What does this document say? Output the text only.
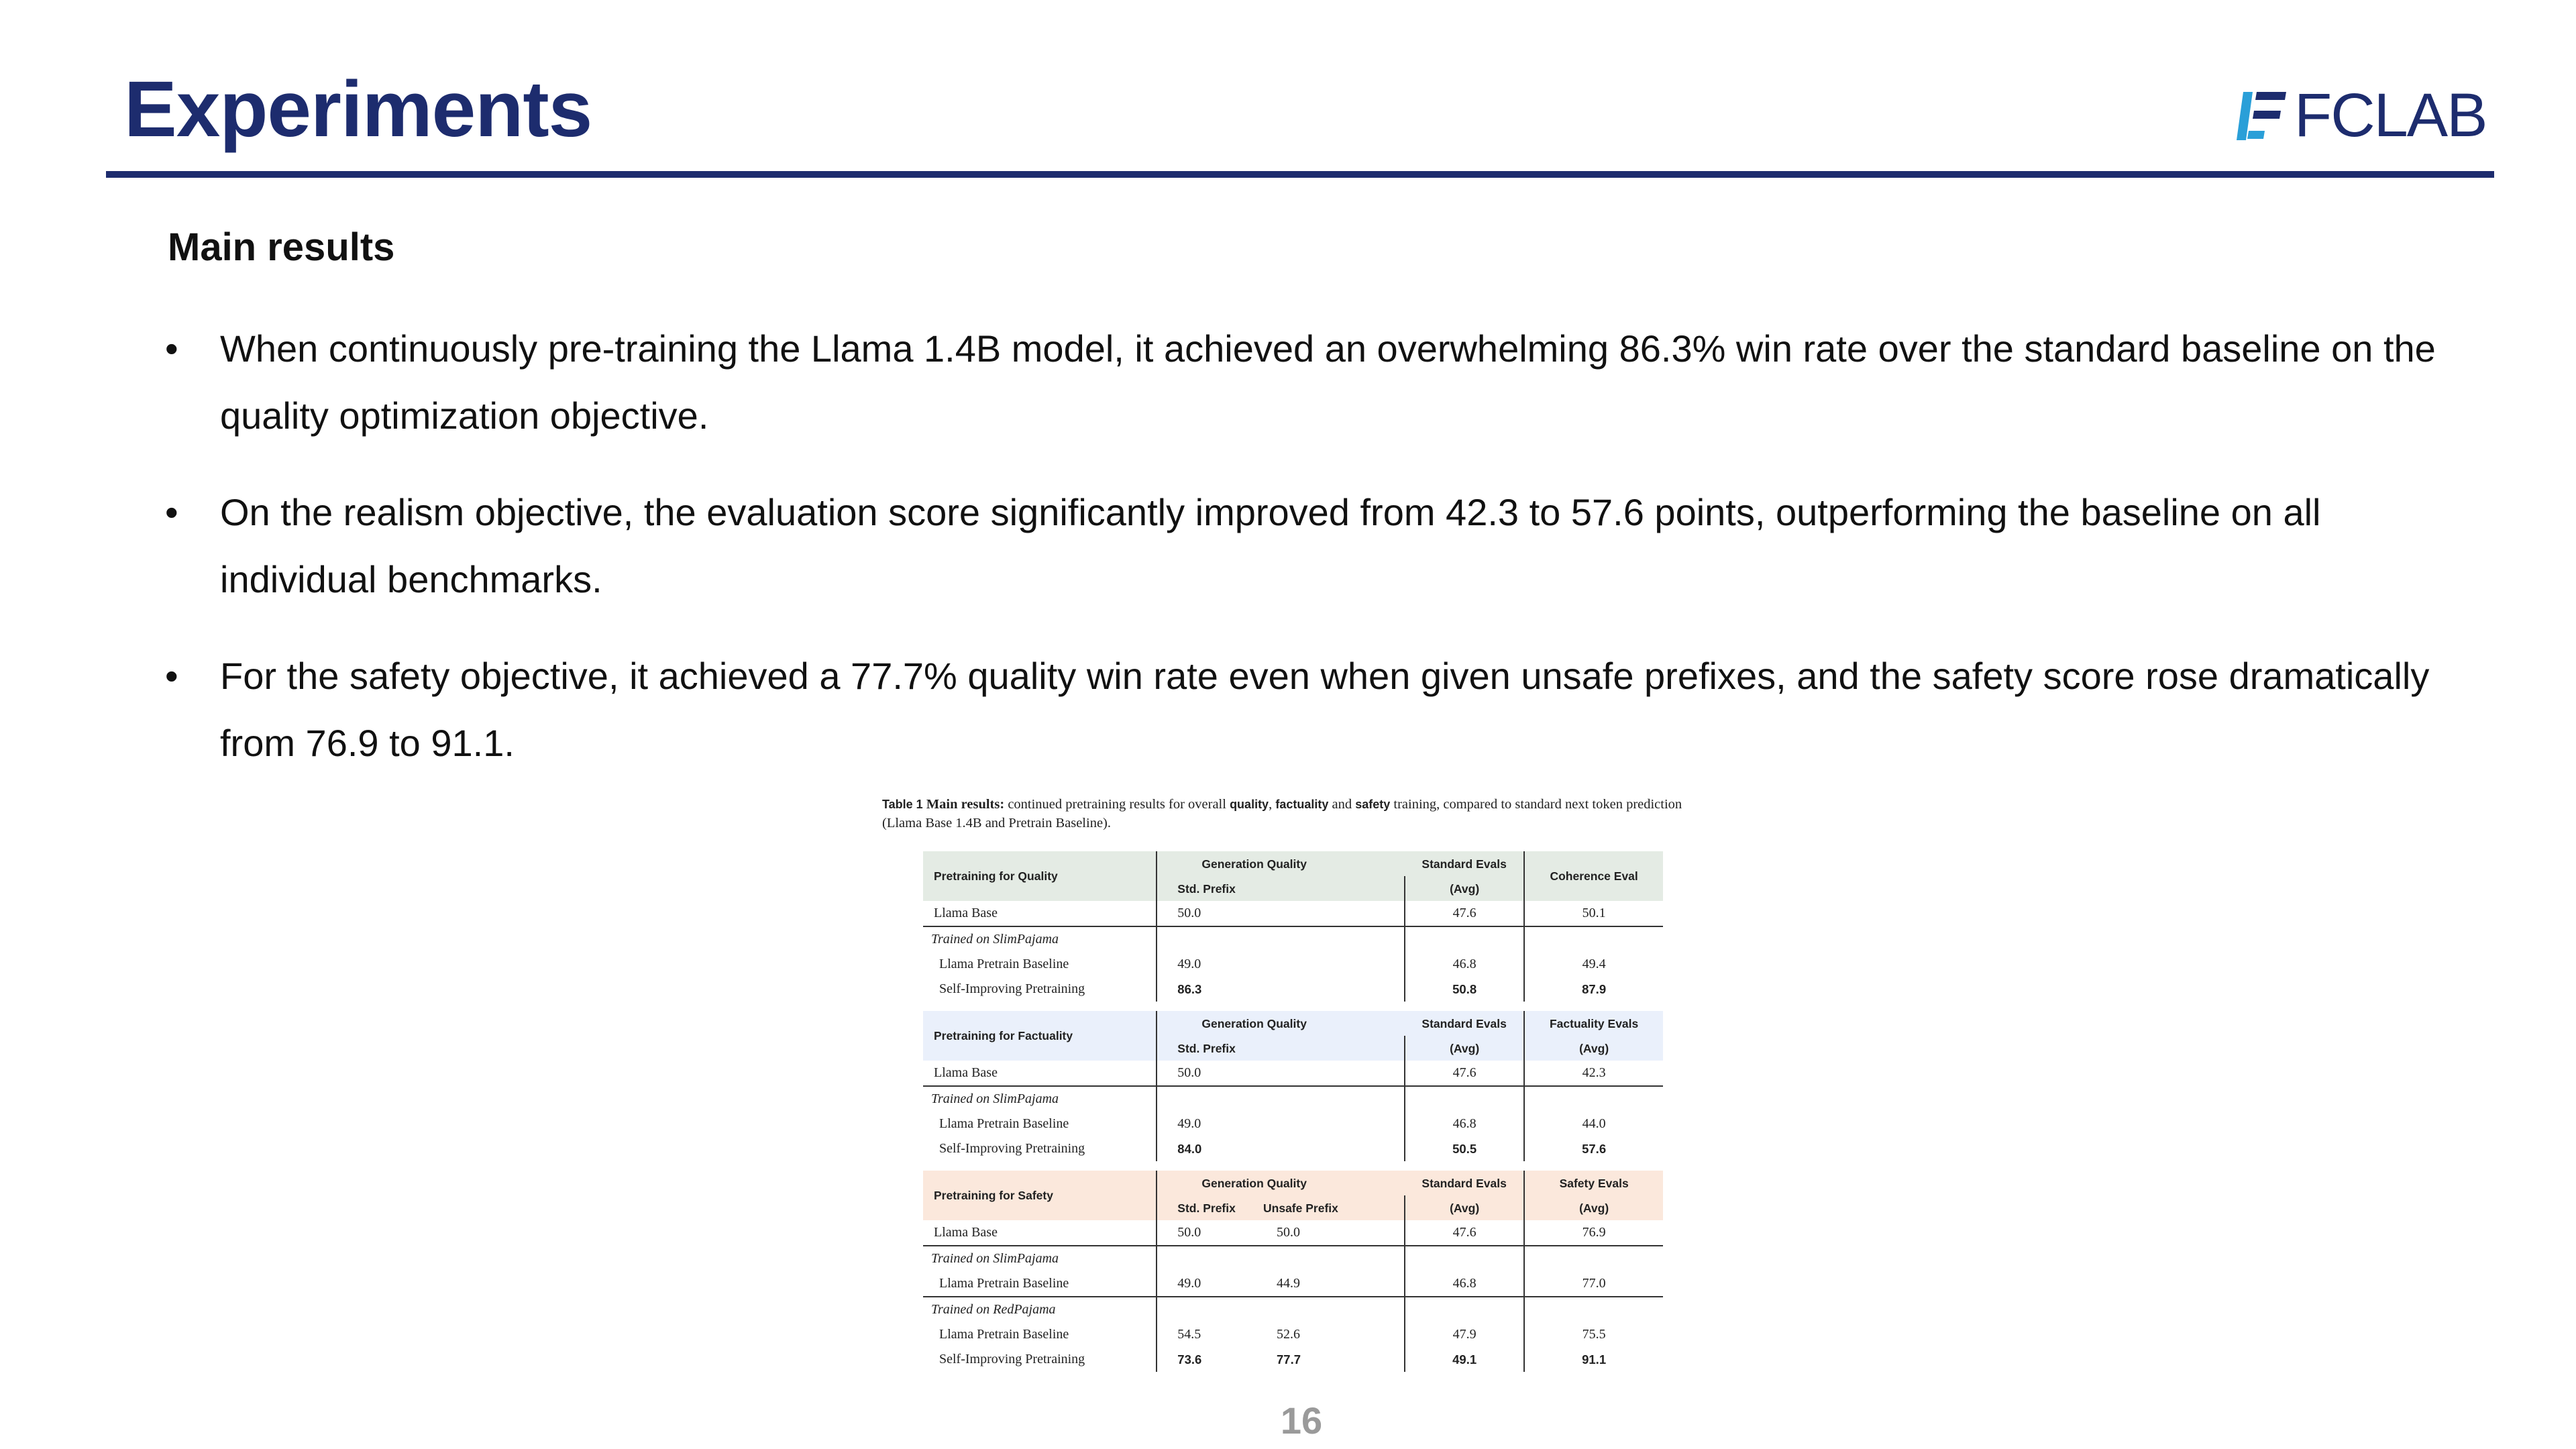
Experiments	FCLAB
Main results
•	When continuously pre-training the Llama 1.4B model, it achieved an overwhelming 86.3% win rate over the standard baseline on the quality optimization objective.
•	On the realism objective, the evaluation score significantly improved from 42.3 to 57.6 points, outperforming the baseline on all individual benchmarks.
•	For the safety objective, it achieved a 77.7% quality win rate even when given unsafe prefixes, and the safety score rose dramatically from 76.9 to 91.1.
Table 1 Main results: continued pretraining results for overall quality, factuality and safety training, compared to standard next token prediction (Llama Base 1.4B and Pretrain Baseline).
Pretraining for Quality	Generation Quality		Standard Evals	Coherence Eval
	Std. Prefix		(Avg)	
Llama Base	50.0		47.6	50.1
Trained on SlimPajama				
Llama Pretrain Baseline	49.0		46.8	49.4
Self-Improving Pretraining	86.3		50.8	87.9

Pretraining for Factuality	Generation Quality		Standard Evals	Factuality Evals
	Std. Prefix		(Avg)	(Avg)
Llama Base	50.0		47.6	42.3
Trained on SlimPajama				
Llama Pretrain Baseline	49.0		46.8	44.0
Self-Improving Pretraining	84.0		50.5	57.6

Pretraining for Safety	Generation Quality		Standard Evals	Safety Evals
	Std. Prefix	Unsafe Prefix	(Avg)	(Avg)
Llama Base	50.0	50.0	47.6	76.9
Trained on SlimPajama				
Llama Pretrain Baseline	49.0	44.9	46.8	77.0
Trained on RedPajama				
Llama Pretrain Baseline	54.5	52.6	47.9	75.5
Self-Improving Pretraining	73.6	77.7	49.1	91.1
16
